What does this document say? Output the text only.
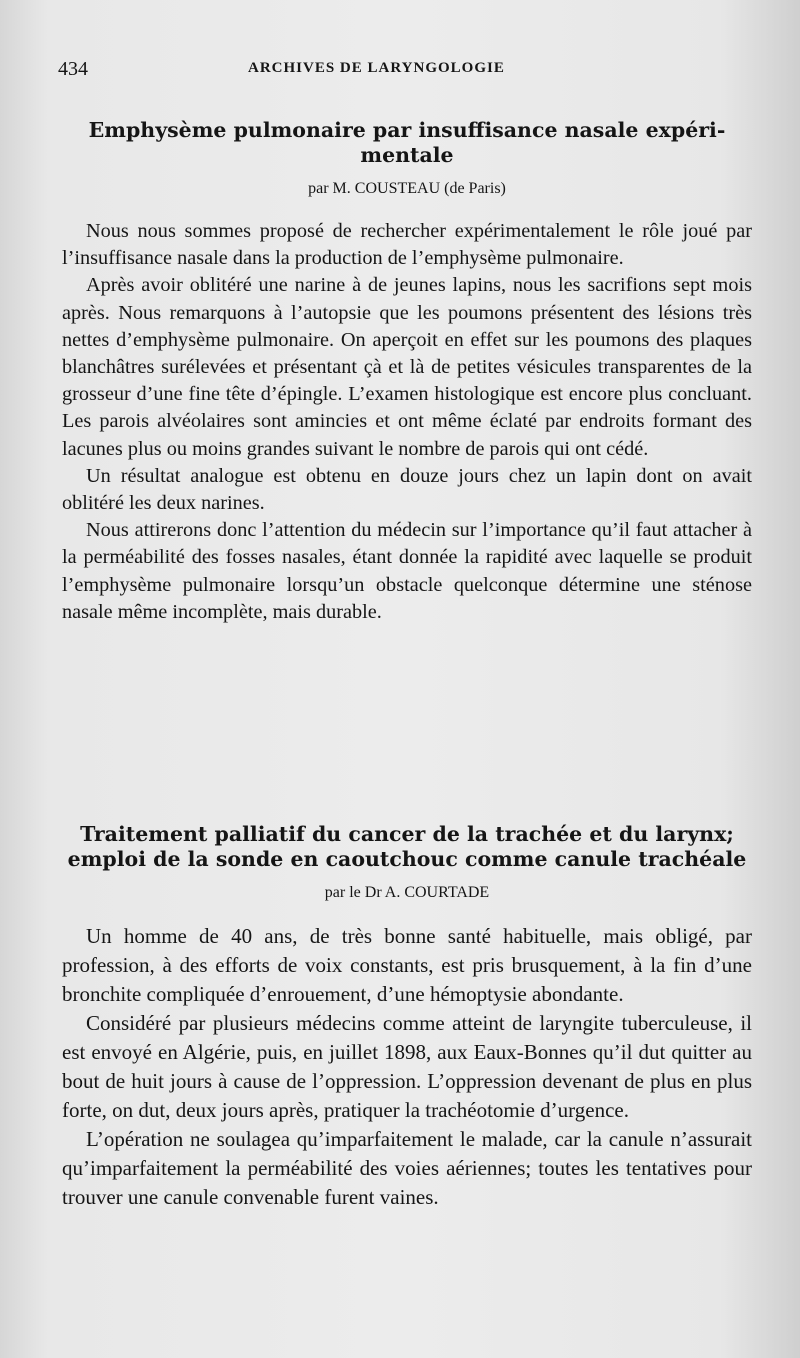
434	ARCHIVES DE LARYNGOLOGIE
Emphysème pulmonaire par insuffisance nasale expéri-
mentale
par M. COUSTEAU (de Paris)

Nous nous sommes proposé de rechercher expérimentalement le rôle joué par l’insuffisance nasale dans la production de l’emphysème pulmonaire.

Après avoir oblitéré une narine à de jeunes lapins, nous les sacrifions sept mois après. Nous remarquons à l’autopsie que les poumons présentent des lésions très nettes d’emphysème pulmonaire. On aperçoit en effet sur les poumons des plaques blanchâtres surélevées et présentant çà et là de petites vésicules transparentes de la grosseur d’une fine tête d’épingle. L’examen histologique est encore plus concluant. Les parois alvéolaires sont amincies et ont même éclaté par endroits formant des lacunes plus ou moins grandes suivant le nombre de parois qui ont cédé.

Un résultat analogue est obtenu en douze jours chez un lapin dont on avait oblitéré les deux narines.

Nous attirerons donc l’attention du médecin sur l’importance qu’il faut attacher à la perméabilité des fosses nasales, étant donnée la rapidité avec laquelle se produit l’emphysème pulmonaire lorsqu’un obstacle quelconque détermine une sténose nasale même incomplète, mais durable.

Traitement palliatif du cancer de la trachée et du larynx;
emploi de la sonde en caoutchouc comme canule trachéale
par le Dr A. COURTADE

Un homme de 40 ans, de très bonne santé habituelle, mais obligé, par profession, à des efforts de voix constants, est pris brusquement, à la fin d’une bronchite compliquée d’enrouement, d’une hémoptysie abondante.

Considéré par plusieurs médecins comme atteint de laryngite tuberculeuse, il est envoyé en Algérie, puis, en juillet 1898, aux Eaux-Bonnes qu’il dut quitter au bout de huit jours à cause de l’oppression. L’oppression devenant de plus en plus forte, on dut, deux jours après, pratiquer la trachéotomie d’urgence.

L’opération ne soulagea qu’imparfaitement le malade, car la canule n’assurait qu’imparfaitement la perméabilité des voies aériennes; toutes les tentatives pour trouver une canule convenable furent vaines.
